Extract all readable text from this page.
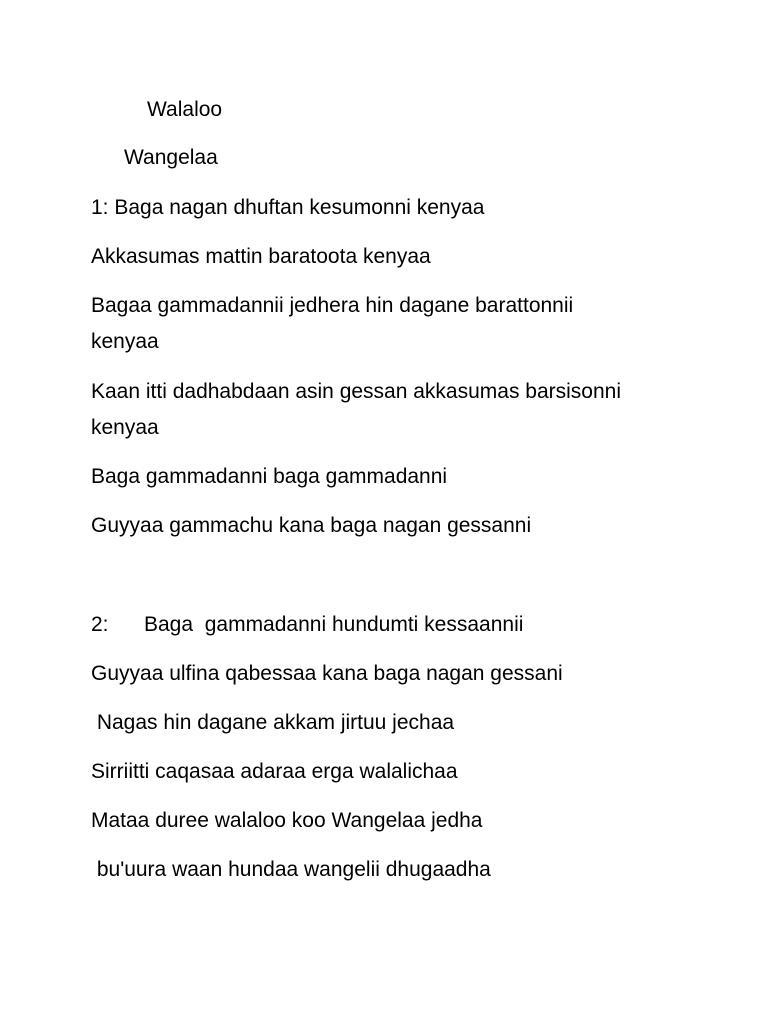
Walaloo

Wangelaa

1: Baga nagan dhuftan kesumonni kenyaa

Akkasumas mattin baratoota kenyaa

Bagaa gammadannii jedhera hin dagane barattonnii

kenyaa

Kaan itti dadhabdaan asin gessan akkasumas barsisonni

kenyaa

Baga gammadanni baga gammadanni

Guyyaa gammachu kana baga nagan gessanni

2: Baga  gammadanni hundumti kessaannii

Guyyaa ulfina qabessaa kana baga nagan gessani

Nagas hin dagane akkam jirtuu jechaa

Sirriitti caqasaa adaraa erga walalichaa

Mataa duree walaloo koo Wangelaa jedha

bu'uura waan hundaa wangelii dhugaadha
